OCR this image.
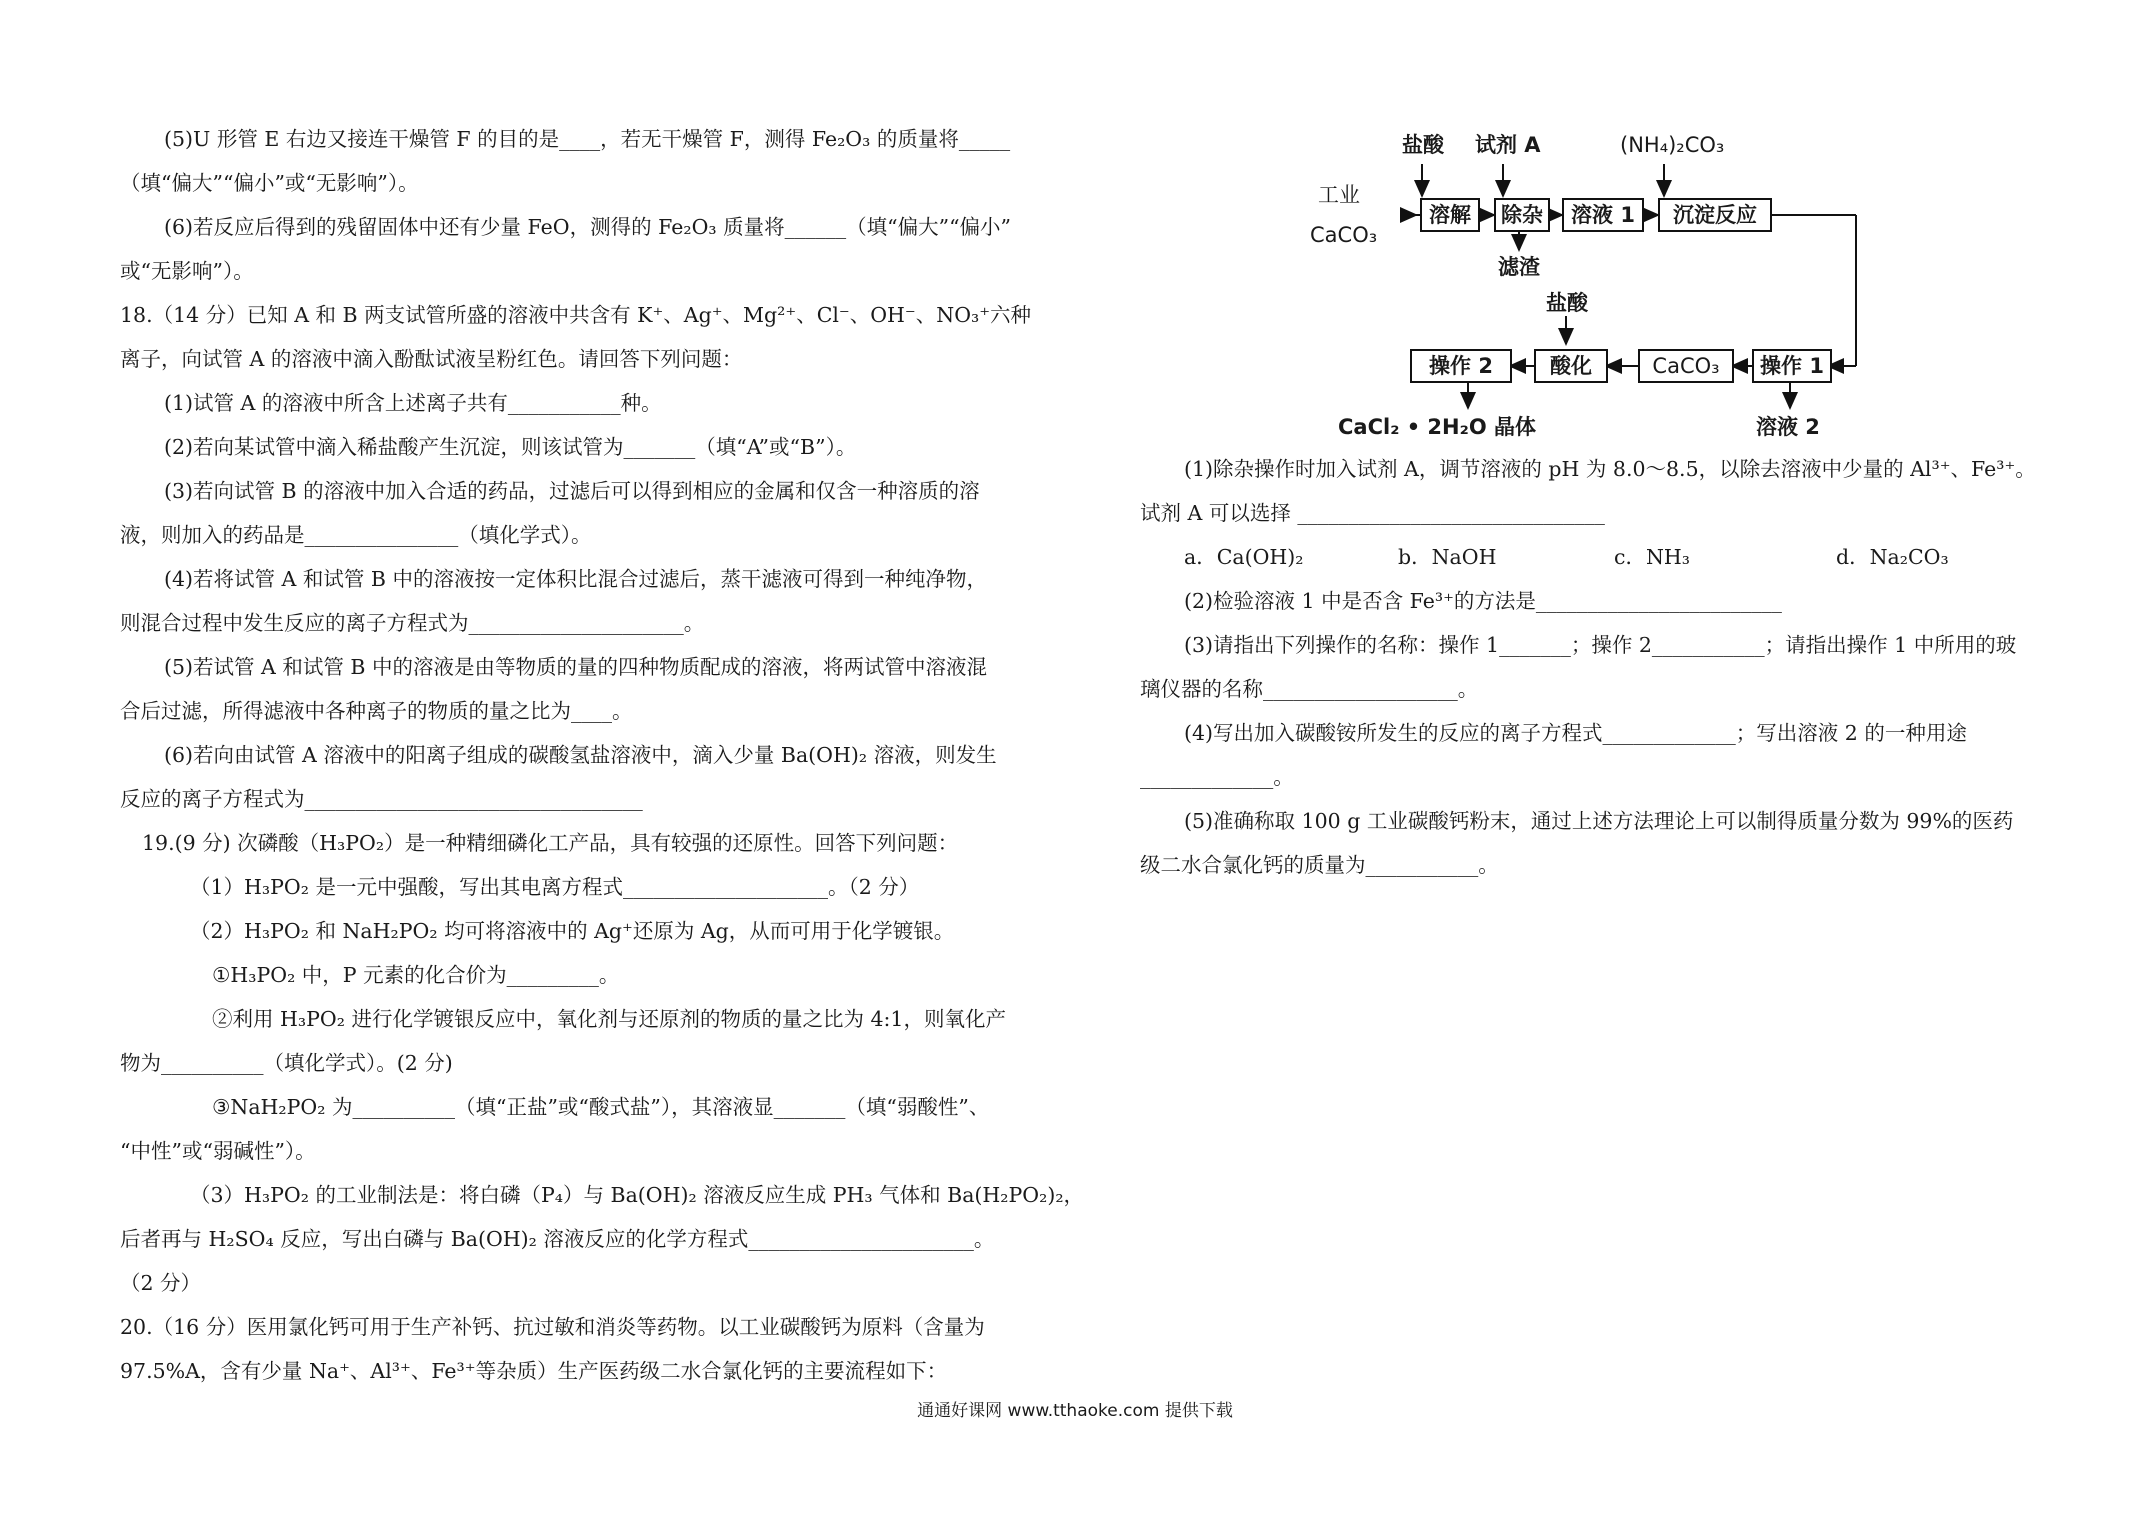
(5)U 形管 E 右边又接连干燥管 F 的目的是____，若无干燥管 F，测得 Fe₂O₃ 的质量将_____
（填“偏大”“偏小”或“无影响”）。
(6)若反应后得到的残留固体中还有少量 FeO，测得的 Fe₂O₃ 质量将______（填“偏大”“偏小”
或“无影响”）。
18.（14 分）已知 A 和 B 两支试管所盛的溶液中共含有 K⁺、Ag⁺、Mg²⁺、Cl⁻、OH⁻、NO₃⁺六种
离子，向试管 A 的溶液中滴入酚酞试液呈粉红色。请回答下列问题：
(1)试管 A 的溶液中所含上述离子共有___________种。
(2)若向某试管中滴入稀盐酸产生沉淀，则该试管为_______（填“A”或“B”）。
(3)若向试管 B 的溶液中加入合适的药品，过滤后可以得到相应的金属和仅含一种溶质的溶
液，则加入的药品是_______________（填化学式）。
(4)若将试管 A 和试管 B 中的溶液按一定体积比混合过滤后，蒸干滤液可得到一种纯净物，
则混合过程中发生反应的离子方程式为_____________________。
(5)若试管 A 和试管 B 中的溶液是由等物质的量的四种物质配成的溶液，将两试管中溶液混
合后过滤，所得滤液中各种离子的物质的量之比为____。
(6)若向由试管 A 溶液中的阳离子组成的碳酸氢盐溶液中，滴入少量 Ba(OH)₂ 溶液，则发生
反应的离子方程式为_________________________________
19.(9 分) 次磷酸（H₃PO₂）是一种精细磷化工产品，具有较强的还原性。回答下列问题：
（1）H₃PO₂ 是一元中强酸，写出其电离方程式____________________。（2 分）
（2）H₃PO₂ 和 NaH₂PO₂ 均可将溶液中的 Ag⁺还原为 Ag，从而可用于化学镀银。
①H₃PO₂ 中，P 元素的化合价为_________。
②利用 H₃PO₂ 进行化学镀银反应中，氧化剂与还原剂的物质的量之比为 4:1，则氧化产
物为__________（填化学式）。(2 分)
③NaH₂PO₂ 为__________（填“正盐”或“酸式盐”），其溶液显_______（填“弱酸性”、
“中性”或“弱碱性”）。
（3）H₃PO₂ 的工业制法是：将白磷（P₄）与 Ba(OH)₂ 溶液反应生成 PH₃ 气体和 Ba(H₂PO₂)₂，
后者再与 H₂SO₄ 反应，写出白磷与 Ba(OH)₂ 溶液反应的化学方程式______________________。
（2 分）
20.（16 分）医用氯化钙可用于生产补钙、抗过敏和消炎等药物。以工业碳酸钙为原料（含量为
97.5%A，含有少量 Na⁺、Al³⁺、Fe³⁺等杂质）生产医药级二水合氯化钙的主要流程如下：
盐酸 试剂 A	(NH₄)₂CO₃
工业
CaCO₃
溶解	除杂	溶液 1	沉淀反应
滤渣
盐酸
操作 2	酸化	CaCO₃	操作 1
CaCl₂ • 2H₂O 晶体	溶液 2
(1)除杂操作时加入试剂 A，调节溶液的 pH 为 8.0～8.5，以除去溶液中少量的 Al³⁺、Fe³⁺。
试剂 A 可以选择 ______________________________
a．Ca(OH)₂	b．NaOH	c．NH₃	d．Na₂CO₃
(2)检验溶液 1 中是否含 Fe³⁺的方法是________________________
(3)请指出下列操作的名称：操作 1_______；操作 2___________；请指出操作 1 中所用的玻
璃仪器的名称___________________。
(4)写出加入碳酸铵所发生的反应的离子方程式_____________；写出溶液 2 的一种用途
_____________。
(5)准确称取 100 g 工业碳酸钙粉末，通过上述方法理论上可以制得质量分数为 99%的医药
级二水合氯化钙的质量为___________。
通通好课网 www.tthaoke.com 提供下载
